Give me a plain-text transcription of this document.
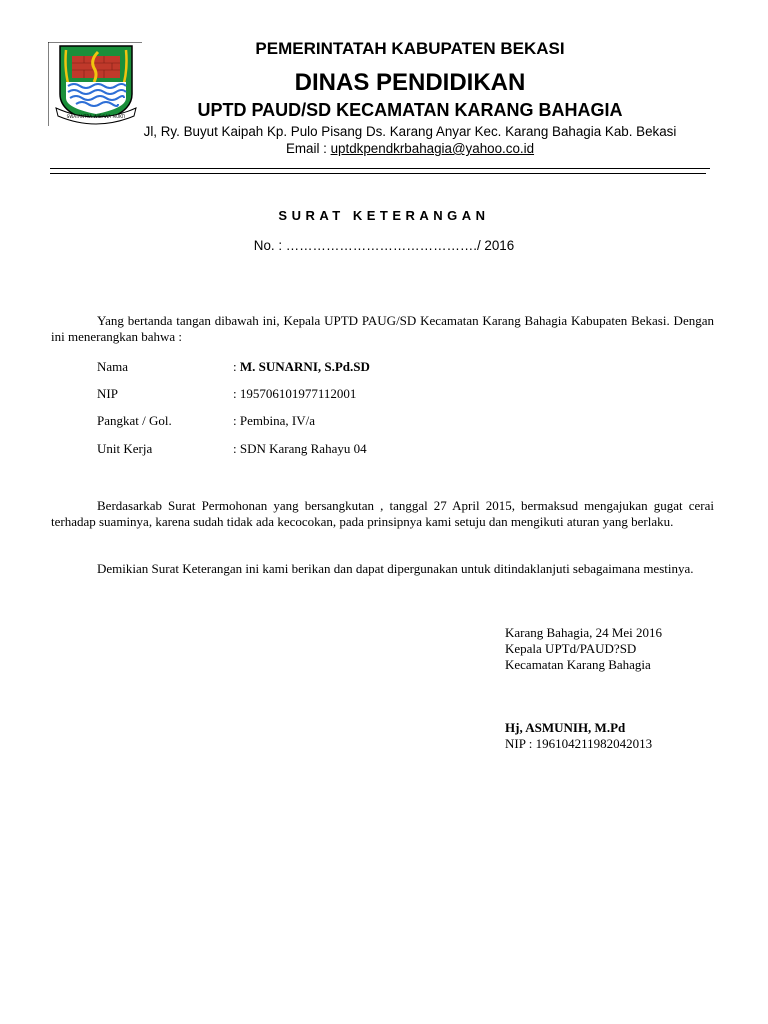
SWATANTRA WIBAWA MUKTI
PEMERINTATAH KABUPATEN BEKASI
DINAS PENDIDIKAN
UPTD PAUD/SD KECAMATAN KARANG BAHAGIA
Jl, Ry. Buyut Kaipah Kp. Pulo Pisang Ds. Karang Anyar Kec. Karang Bahagia Kab. Bekasi
Email : uptdkpendkrbahagia@yahoo.co.id
SURAT KETERANGAN
No. : ……………………………………./ 2016
Yang bertanda tangan dibawah ini, Kepala UPTD PAUG/SD Kecamatan Karang Bahagia Kabupaten Bekasi. Dengan ini menerangkan bahwa :
Nama	: M. SUNARNI, S.Pd.SD
NIP	: 195706101977112001
Pangkat / Gol.	: Pembina, IV/a
Unit Kerja	: SDN Karang Rahayu 04
Berdasarkab Surat Permohonan yang bersangkutan , tanggal 27 April 2015, bermaksud mengajukan gugat cerai terhadap suaminya, karena sudah tidak ada kecocokan, pada prinsipnya kami setuju dan mengikuti aturan yang berlaku.
Demikian Surat Keterangan ini kami berikan dan dapat dipergunakan untuk ditindaklanjuti sebagaimana mestinya.
Karang Bahagia, 24 Mei 2016
Kepala UPTd/PAUD?SD
Kecamatan Karang Bahagia
Hj, ASMUNIH, M.Pd
NIP : 196104211982042013
